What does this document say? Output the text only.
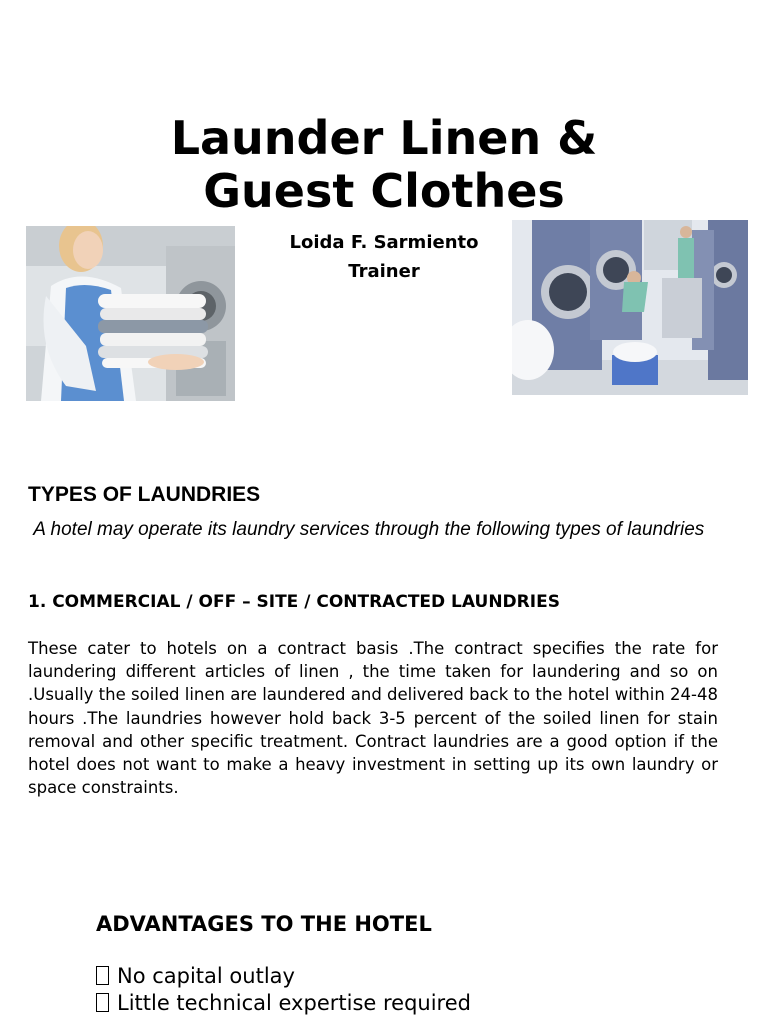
Launder Linen &
Guest Clothes
Loida F. Sarmiento
Trainer
TYPES OF LAUNDRIES

A hotel may operate its laundry services through the following types of laundries

1. COMMERCIAL / OFF – SITE / CONTRACTED LAUNDRIES

These cater to hotels on a contract basis .The contract specifies the rate for laundering different articles of linen , the time taken for laundering and so on .Usually the soiled linen are laundered and delivered back to the hotel within 24-48 hours .The laundries however hold back 3-5 percent of the soiled linen for stain removal and other specific treatment. Contract laundries are a good option if the hotel does not want to make a heavy investment in setting up its own laundry or space constraints.

ADVANTAGES TO THE HOTEL
No capital outlay
Little technical expertise required
